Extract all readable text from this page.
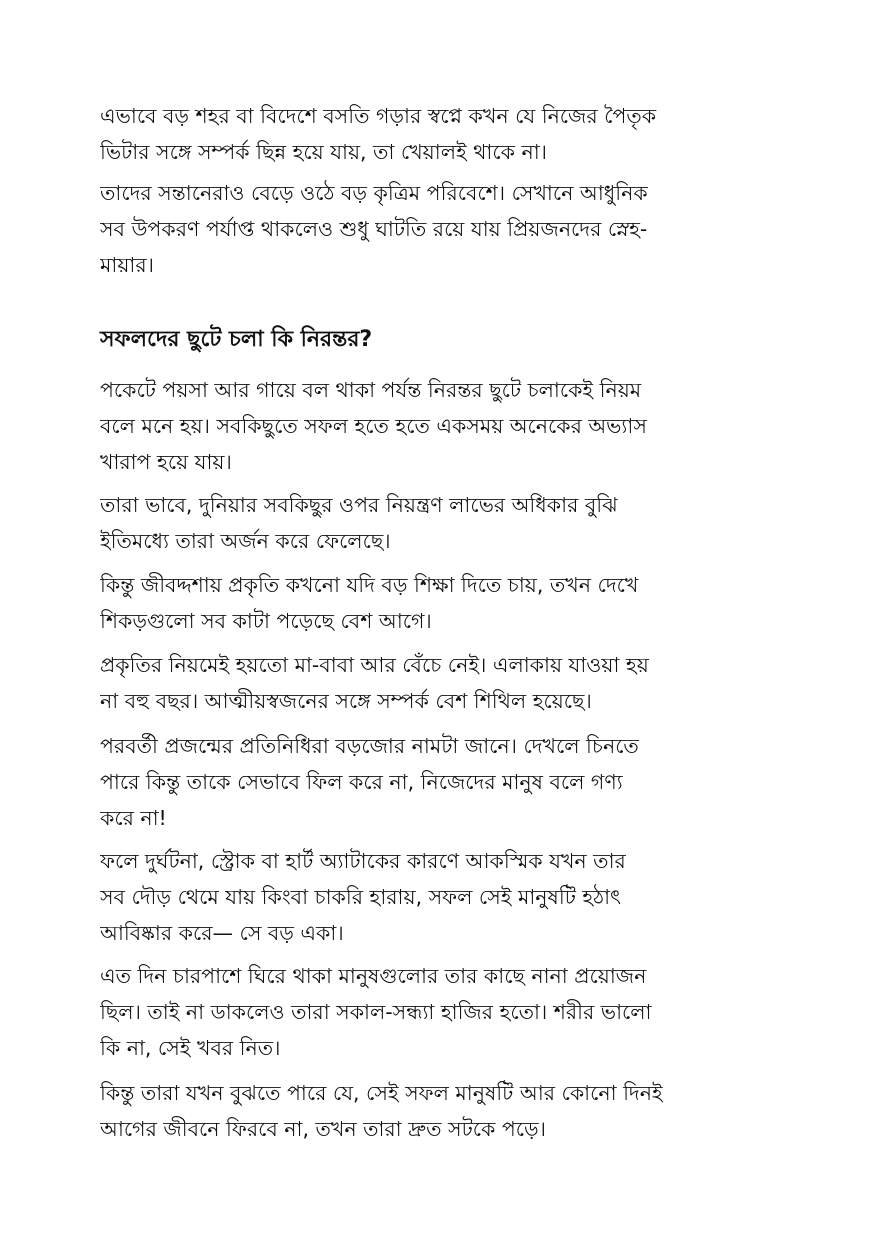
এভাবে বড় শহর বা বিদেশে বসতি গড়ার স্বপ্নে কখন যে নিজের পৈতৃক
ভিটার সঙ্গে সম্পর্ক ছিন্ন হয়ে যায়, তা খেয়ালই থাকে না।
তাদের সন্তানেরাও বেড়ে ওঠে বড় কৃত্রিম পরিবেশে। সেখানে আধুনিক
সব উপকরণ পর্যাপ্ত থাকলেও শুধু ঘাটতি রয়ে যায় প্রিয়জনদের স্নেহ-
মায়ার।
সফলদের ছুটে চলা কি নিরন্তর?
পকেটে পয়সা আর গায়ে বল থাকা পর্যন্ত নিরন্তর ছুটে চলাকেই নিয়ম
বলে মনে হয়। সবকিছুতে সফল হতে হতে একসময় অনেকের অভ্যাস
খারাপ হয়ে যায়।
তারা ভাবে, দুনিয়ার সবকিছুর ওপর নিয়ন্ত্রণ লাভের অধিকার বুঝি
ইতিমধ্যে তারা অর্জন করে ফেলেছে।
কিন্তু জীবদ্দশায় প্রকৃতি কখনো যদি বড় শিক্ষা দিতে চায়, তখন দেখে
শিকড়গুলো সব কাটা পড়েছে বেশ আগে।
প্রকৃতির নিয়মেই হয়তো মা-বাবা আর বেঁচে নেই। এলাকায় যাওয়া হয়
না বহু বছর। আত্মীয়স্বজনের সঙ্গে সম্পর্ক বেশ শিথিল হয়েছে।
পরবর্তী প্রজন্মের প্রতিনিধিরা বড়জোর নামটা জানে। দেখলে চিনতে
পারে কিন্তু তাকে সেভাবে ফিল করে না, নিজেদের মানুষ বলে গণ্য
করে না!
ফলে দুর্ঘটনা, স্ট্রোক বা হার্ট অ্যাটাকের কারণে আকস্মিক যখন তার
সব দৌড় থেমে যায় কিংবা চাকরি হারায়, সফল সেই মানুষটি হঠাৎ
আবিষ্কার করে— সে বড় একা।
এত দিন চারপাশে ঘিরে থাকা মানুষগুলোর তার কাছে নানা প্রয়োজন
ছিল। তাই না ডাকলেও তারা সকাল-সন্ধ্যা হাজির হতো। শরীর ভালো
কি না, সেই খবর নিত।
কিন্তু তারা যখন বুঝতে পারে যে, সেই সফল মানুষটি আর কোনো দিনই
আগের জীবনে ফিরবে না, তখন তারা দ্রুত সটকে পড়ে।
